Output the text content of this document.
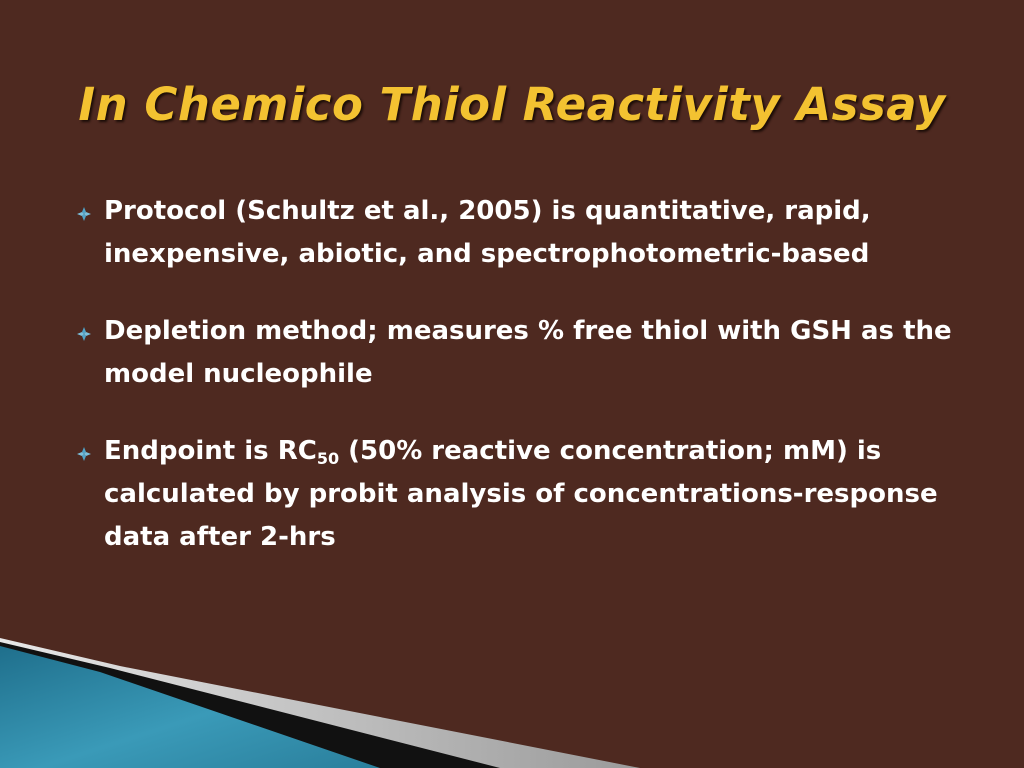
In Chemico Thiol Reactivity Assay
Protocol (Schultz et al., 2005) is quantitative, rapid, inexpensive, abiotic, and spectrophotometric-based
Depletion method; measures % free thiol with GSH as the model nucleophile
Endpoint is $RC_{50}$ (50% reactive concentration; mM) is calculated by probit analysis of concentrations-response data after 2-hrs
